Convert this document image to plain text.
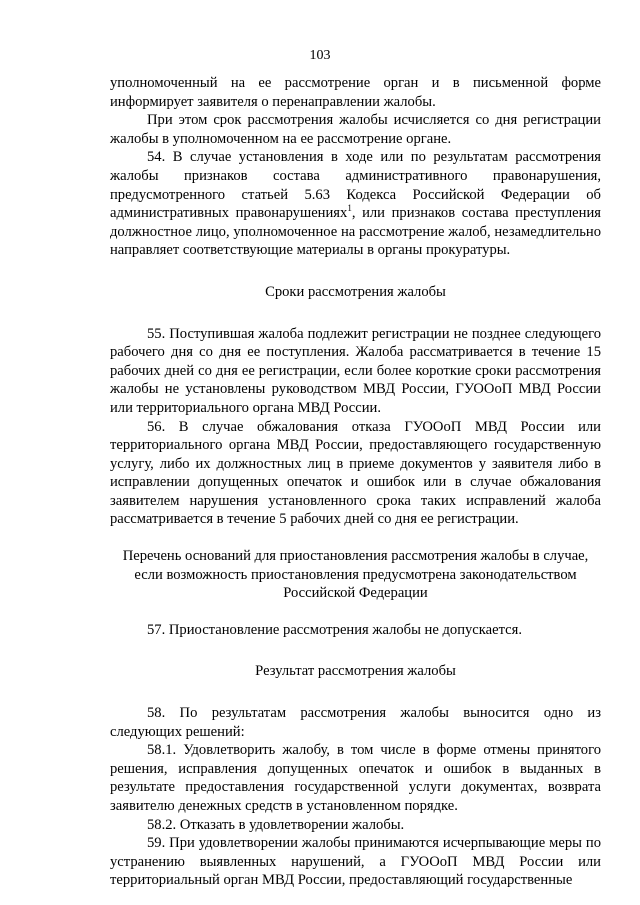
103

уполномоченный на ее рассмотрение орган и в письменной форме информирует заявителя о перенаправлении жалобы.

При этом срок рассмотрения жалобы исчисляется со дня регистрации жалобы в уполномоченном на ее рассмотрение органе.

54. В случае установления в ходе или по результатам рассмотрения жалобы признаков состава административного правонарушения, предусмотренного статьей 5.63 Кодекса Российской Федерации об административных правонарушениях$^1$, или признаков состава преступления должностное лицо, уполномоченное на рассмотрение жалоб, незамедлительно направляет соответствующие материалы в органы прокуратуры.

Сроки рассмотрения жалобы

55. Поступившая жалоба подлежит регистрации не позднее следующего рабочего дня со дня ее поступления. Жалоба рассматривается в течение 15 рабочих дней со дня ее регистрации, если более короткие сроки рассмотрения жалобы не установлены руководством МВД России, ГУООоП МВД России или территориального органа МВД России.

56. В случае обжалования отказа ГУООоП МВД России или территориального органа МВД России, предоставляющего государственную услугу, либо их должностных лиц в приеме документов у заявителя либо в исправлении допущенных опечаток и ошибок или в случае обжалования заявителем нарушения установленного срока таких исправлений жалоба рассматривается в течение 5 рабочих дней со дня ее регистрации.

Перечень оснований для приостановления рассмотрения жалобы в случае, если возможность приостановления предусмотрена законодательством Российской Федерации

57. Приостановление рассмотрения жалобы не допускается.

Результат рассмотрения жалобы

58. По результатам рассмотрения жалобы выносится одно из следующих решений:

58.1. Удовлетворить жалобу, в том числе в форме отмены принятого решения, исправления допущенных опечаток и ошибок в выданных в результате предоставления государственной услуги документах, возврата заявителю денежных средств в установленном порядке.

58.2. Отказать в удовлетворении жалобы.

59. При удовлетворении жалобы принимаются исчерпывающие меры по устранению выявленных нарушений, а ГУООоП МВД России или территориальный орган МВД России, предоставляющий государственные
